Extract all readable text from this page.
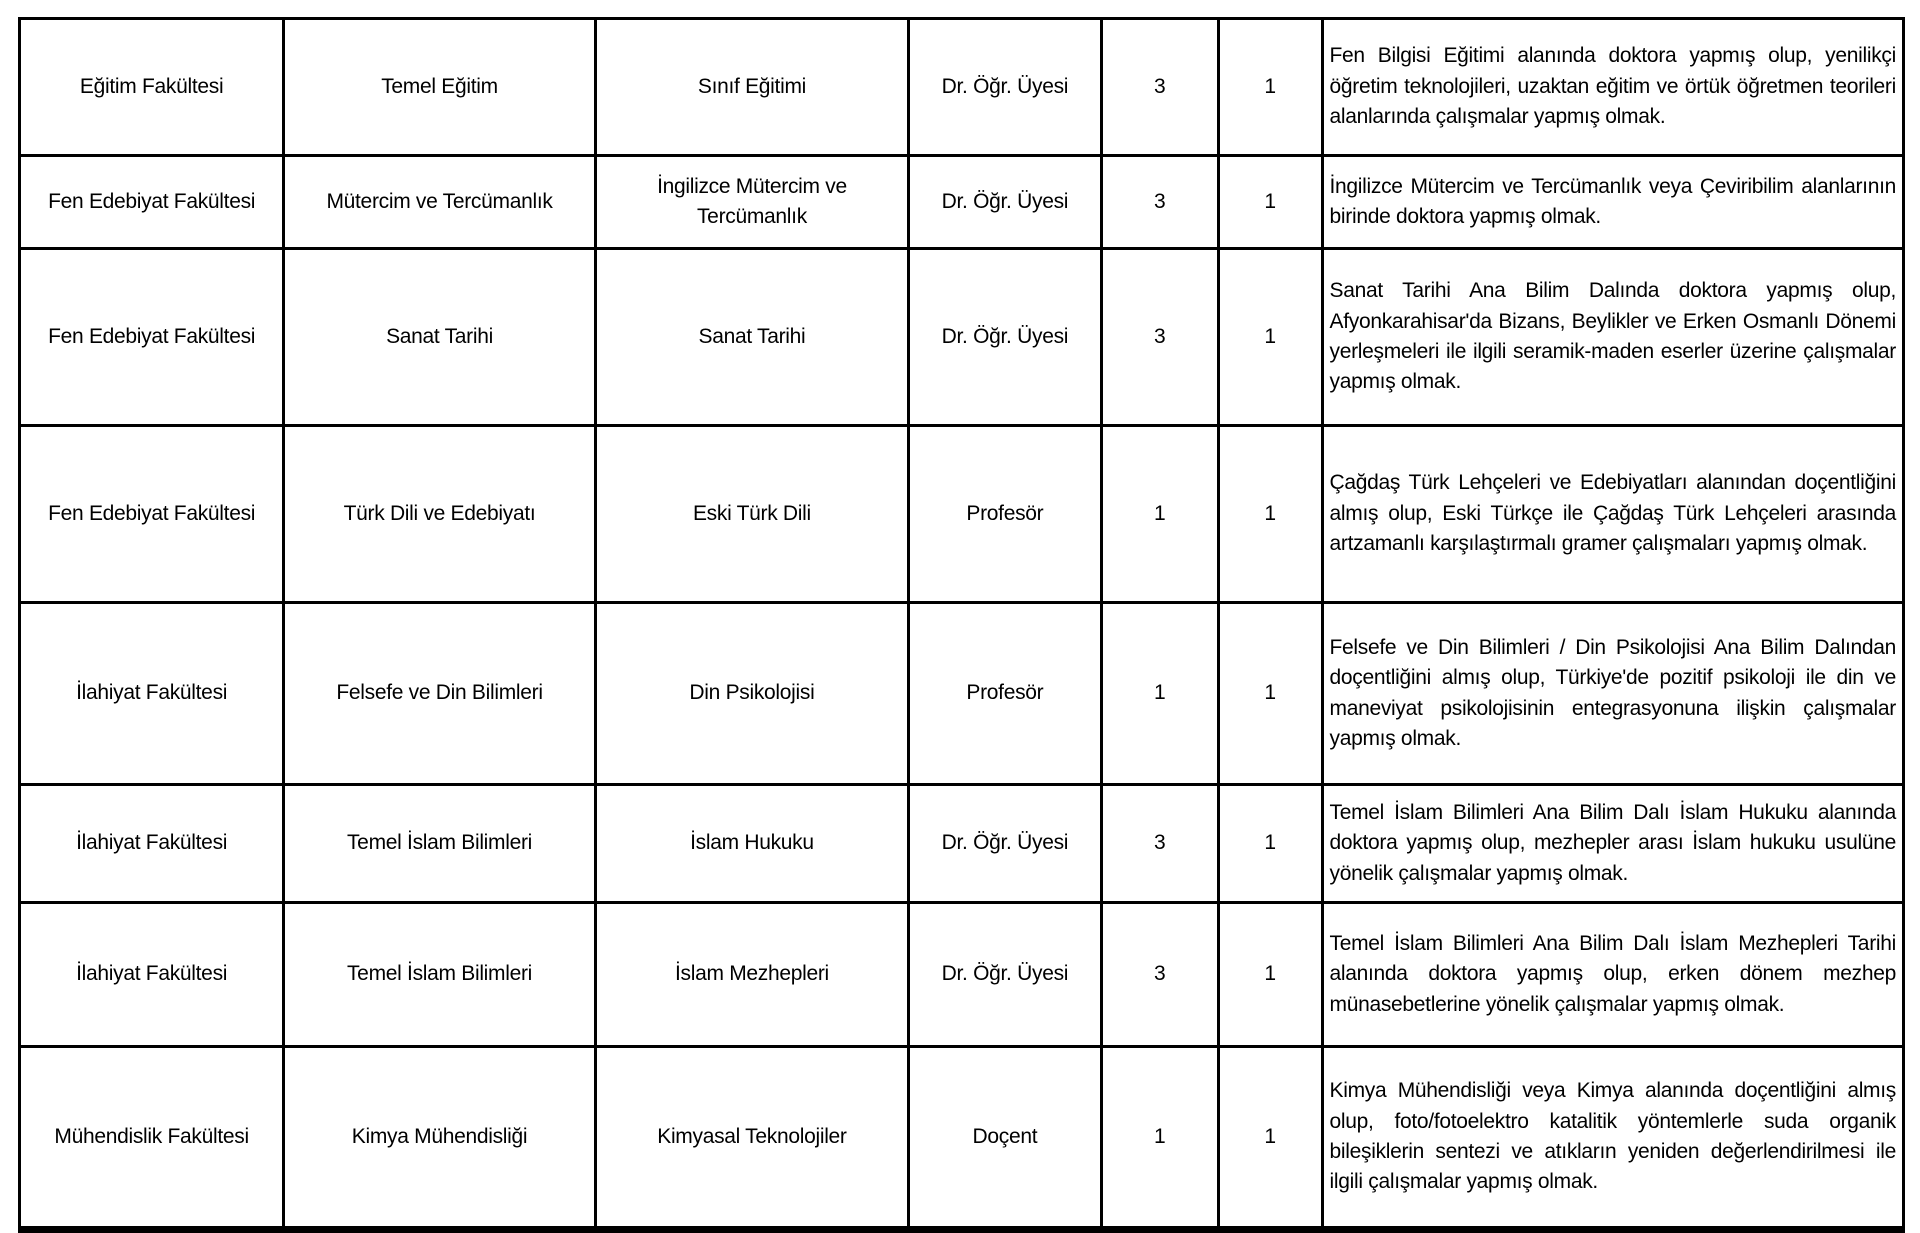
Eğitim Fakültesi	Temel Eğitim	Sınıf Eğitimi	Dr. Öğr. Üyesi	3	1	Fen Bilgisi Eğitimi alanında doktora yapmış olup, yenilikçi öğretim teknolojileri, uzaktan eğitim ve örtük öğretmen teorileri alanlarında çalışmalar yapmış olmak.
Fen Edebiyat Fakültesi	Mütercim ve Tercümanlık	İngilizce Mütercim ve Tercümanlık	Dr. Öğr. Üyesi	3	1	İngilizce Mütercim ve Tercümanlık veya Çeviribilim alanlarının birinde doktora yapmış olmak.
Fen Edebiyat Fakültesi	Sanat Tarihi	Sanat Tarihi	Dr. Öğr. Üyesi	3	1	Sanat Tarihi Ana Bilim Dalında doktora yapmış olup, Afyonkarahisar'da Bizans, Beylikler ve Erken Osmanlı Dönemi yerleşmeleri ile ilgili seramik-maden eserler üzerine çalışmalar yapmış olmak.
Fen Edebiyat Fakültesi	Türk Dili ve Edebiyatı	Eski Türk Dili	Profesör	1	1	Çağdaş Türk Lehçeleri ve Edebiyatları alanından doçentliğini almış olup, Eski Türkçe ile Çağdaş Türk Lehçeleri arasında artzamanlı karşılaştırmalı gramer çalışmaları yapmış olmak.
İlahiyat Fakültesi	Felsefe ve Din Bilimleri	Din Psikolojisi	Profesör	1	1	Felsefe ve Din Bilimleri / Din Psikolojisi Ana Bilim Dalından doçentliğini almış olup, Türkiye'de pozitif psikoloji ile din ve maneviyat psikolojisinin entegrasyonuna ilişkin çalışmalar yapmış olmak.
İlahiyat Fakültesi	Temel İslam Bilimleri	İslam Hukuku	Dr. Öğr. Üyesi	3	1	Temel İslam Bilimleri Ana Bilim Dalı İslam Hukuku alanında doktora yapmış olup, mezhepler arası İslam hukuku usulüne yönelik çalışmalar yapmış olmak.
İlahiyat Fakültesi	Temel İslam Bilimleri	İslam Mezhepleri	Dr. Öğr. Üyesi	3	1	Temel İslam Bilimleri Ana Bilim Dalı İslam Mezhepleri Tarihi alanında doktora yapmış olup, erken dönem mezhep münasebetlerine yönelik çalışmalar yapmış olmak.
Mühendislik Fakültesi	Kimya Mühendisliği	Kimyasal Teknolojiler	Doçent	1	1	Kimya Mühendisliği veya Kimya alanında doçentliğini almış olup, foto/fotoelektro katalitik yöntemlerle suda organik bileşiklerin sentezi ve atıkların yeniden değerlendirilmesi ile ilgili çalışmalar yapmış olmak.
